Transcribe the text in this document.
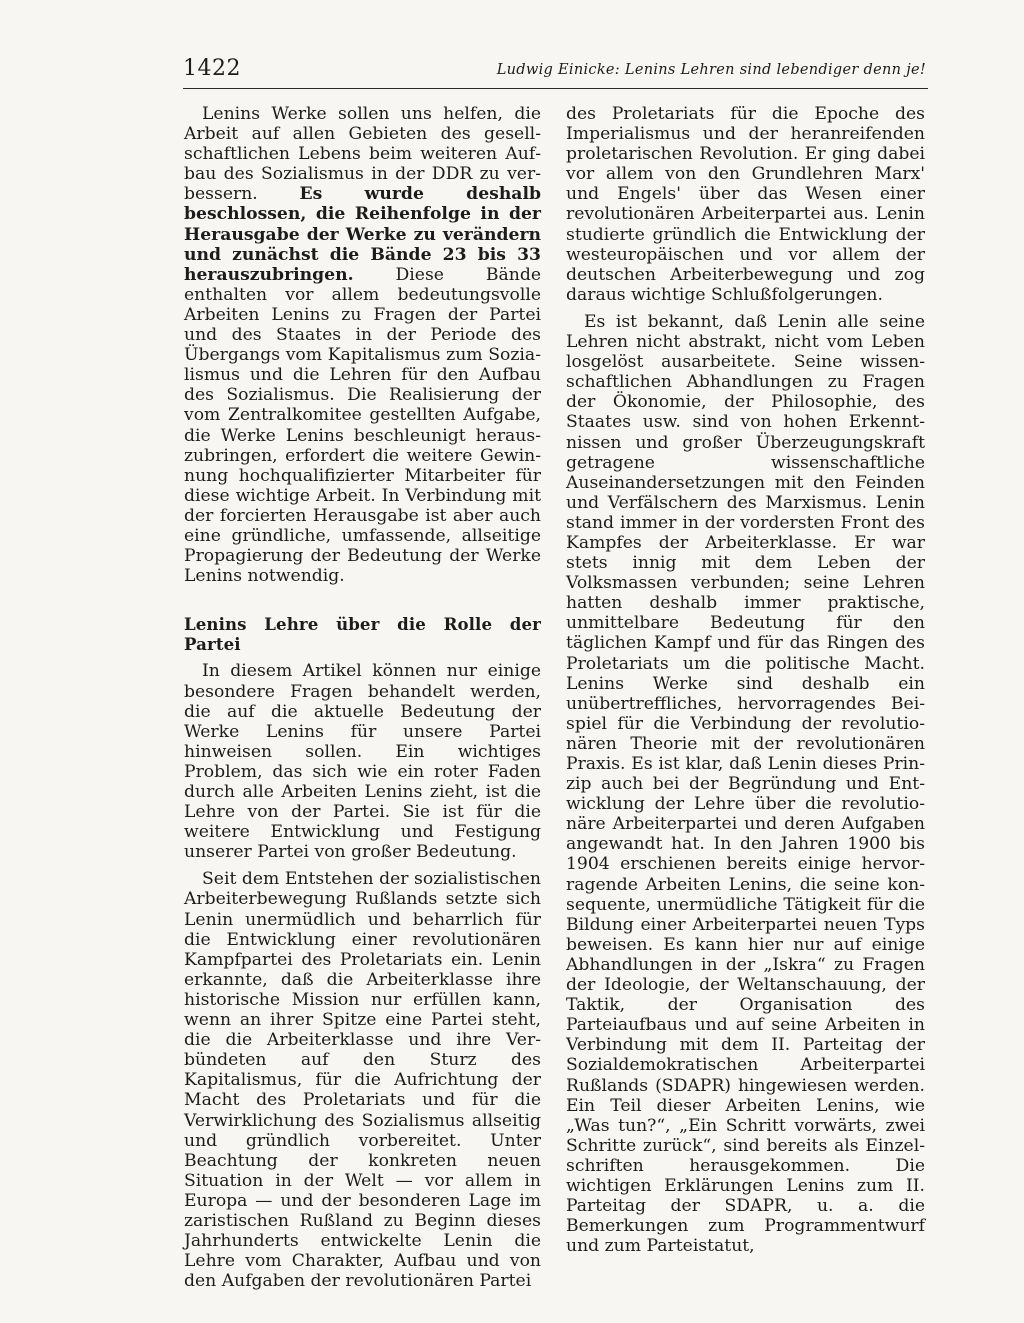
1422	Ludwig Einicke: Lenins Lehren sind lebendiger denn je!

Lenins Werke sollen uns helfen, die Arbeit auf allen Gebieten des gesellschaftlichen Lebens beim weiteren Aufbau des Sozialismus in der DDR zu verbessern. Es wurde deshalb beschlossen, die Reihenfolge in der Herausgabe der Werke zu verändern und zunächst die Bände 23 bis 33 herauszubringen. Diese Bände enthalten vor allem bedeutungsvolle Arbeiten Lenins zu Fragen der Partei und des Staates in der Periode des Übergangs vom Kapitalismus zum Sozialismus und die Lehren für den Aufbau des Sozialismus. Die Realisierung der vom Zentralkomitee gestellten Aufgabe, die Werke Lenins beschleunigt herauszubringen, erfordert die weitere Gewinnung hochqualifizierter Mitarbeiter für diese wichtige Arbeit. In Verbindung mit der forcierten Herausgabe ist aber auch eine gründliche, umfassende, allseitige Propagierung der Bedeutung der Werke Lenins notwendig.

Lenins Lehre über die Rolle der Partei

In diesem Artikel können nur einige besondere Fragen behandelt werden, die auf die aktuelle Bedeutung der Werke Lenins für unsere Partei hinweisen sollen. Ein wichtiges Problem, das sich wie ein roter Faden durch alle Arbeiten Lenins zieht, ist die Lehre von der Partei. Sie ist für die weitere Entwicklung und Festigung unserer Partei von großer Bedeutung.

Seit dem Entstehen der sozialistischen Arbeiterbewegung Rußlands setzte sich Lenin unermüdlich und beharrlich für die Entwicklung einer revolutionären Kampfpartei des Proletariats ein. Lenin erkannte, daß die Arbeiterklasse ihre historische Mission nur erfüllen kann, wenn an ihrer Spitze eine Partei steht, die die Arbeiterklasse und ihre Verbündeten auf den Sturz des Kapitalismus, für die Aufrichtung der Macht des Proletariats und für die Verwirklichung des Sozialismus allseitig und gründlich vorbereitet. Unter Beachtung der konkreten neuen Situation in der Welt — vor allem in Europa — und der besonderen Lage im zaristischen Rußland zu Beginn dieses Jahrhunderts entwickelte Lenin die Lehre vom Charakter, Aufbau und von den Aufgaben der revolutionären Partei

des Proletariats für die Epoche des Imperialismus und der heranreifenden proletarischen Revolution. Er ging dabei vor allem von den Grundlehren Marx' und Engels' über das Wesen einer revolutionären Arbeiterpartei aus. Lenin studierte gründlich die Entwicklung der westeuropäischen und vor allem der deutschen Arbeiterbewegung und zog daraus wichtige Schlußfolgerungen.

Es ist bekannt, daß Lenin alle seine Lehren nicht abstrakt, nicht vom Leben losgelöst ausarbeitete. Seine wissenschaftlichen Abhandlungen zu Fragen der Ökonomie, der Philosophie, des Staates usw. sind von hohen Erkenntnissen und großer Überzeugungskraft getragene wissenschaftliche Auseinandersetzungen mit den Feinden und Verfälschern des Marxismus. Lenin stand immer in der vordersten Front des Kampfes der Arbeiterklasse. Er war stets innig mit dem Leben der Volksmassen verbunden; seine Lehren hatten deshalb immer praktische, unmittelbare Bedeutung für den täglichen Kampf und für das Ringen des Proletariats um die politische Macht. Lenins Werke sind deshalb ein unübertreffliches, hervorragendes Beispiel für die Verbindung der revolutionären Theorie mit der revolutionären Praxis. Es ist klar, daß Lenin dieses Prinzip auch bei der Begründung und Entwicklung der Lehre über die revolutionäre Arbeiterpartei und deren Aufgaben angewandt hat. In den Jahren 1900 bis 1904 erschienen bereits einige hervorragende Arbeiten Lenins, die seine konsequente, unermüdliche Tätigkeit für die Bildung einer Arbeiterpartei neuen Typs beweisen. Es kann hier nur auf einige Abhandlungen in der „Iskra“ zu Fragen der Ideologie, der Weltanschauung, der Taktik, der Organisation des Parteiaufbaus und auf seine Arbeiten in Verbindung mit dem II. Parteitag der Sozialdemokratischen Arbeiterpartei Rußlands (SDAPR) hingewiesen werden. Ein Teil dieser Arbeiten Lenins, wie „Was tun?“, „Ein Schritt vorwärts, zwei Schritte zurück“, sind bereits als Einzelschriften herausgekommen. Die wichtigen Erklärungen Lenins zum II. Parteitag der SDAPR, u. a. die Bemerkungen zum Programmentwurf und zum Parteistatut,
